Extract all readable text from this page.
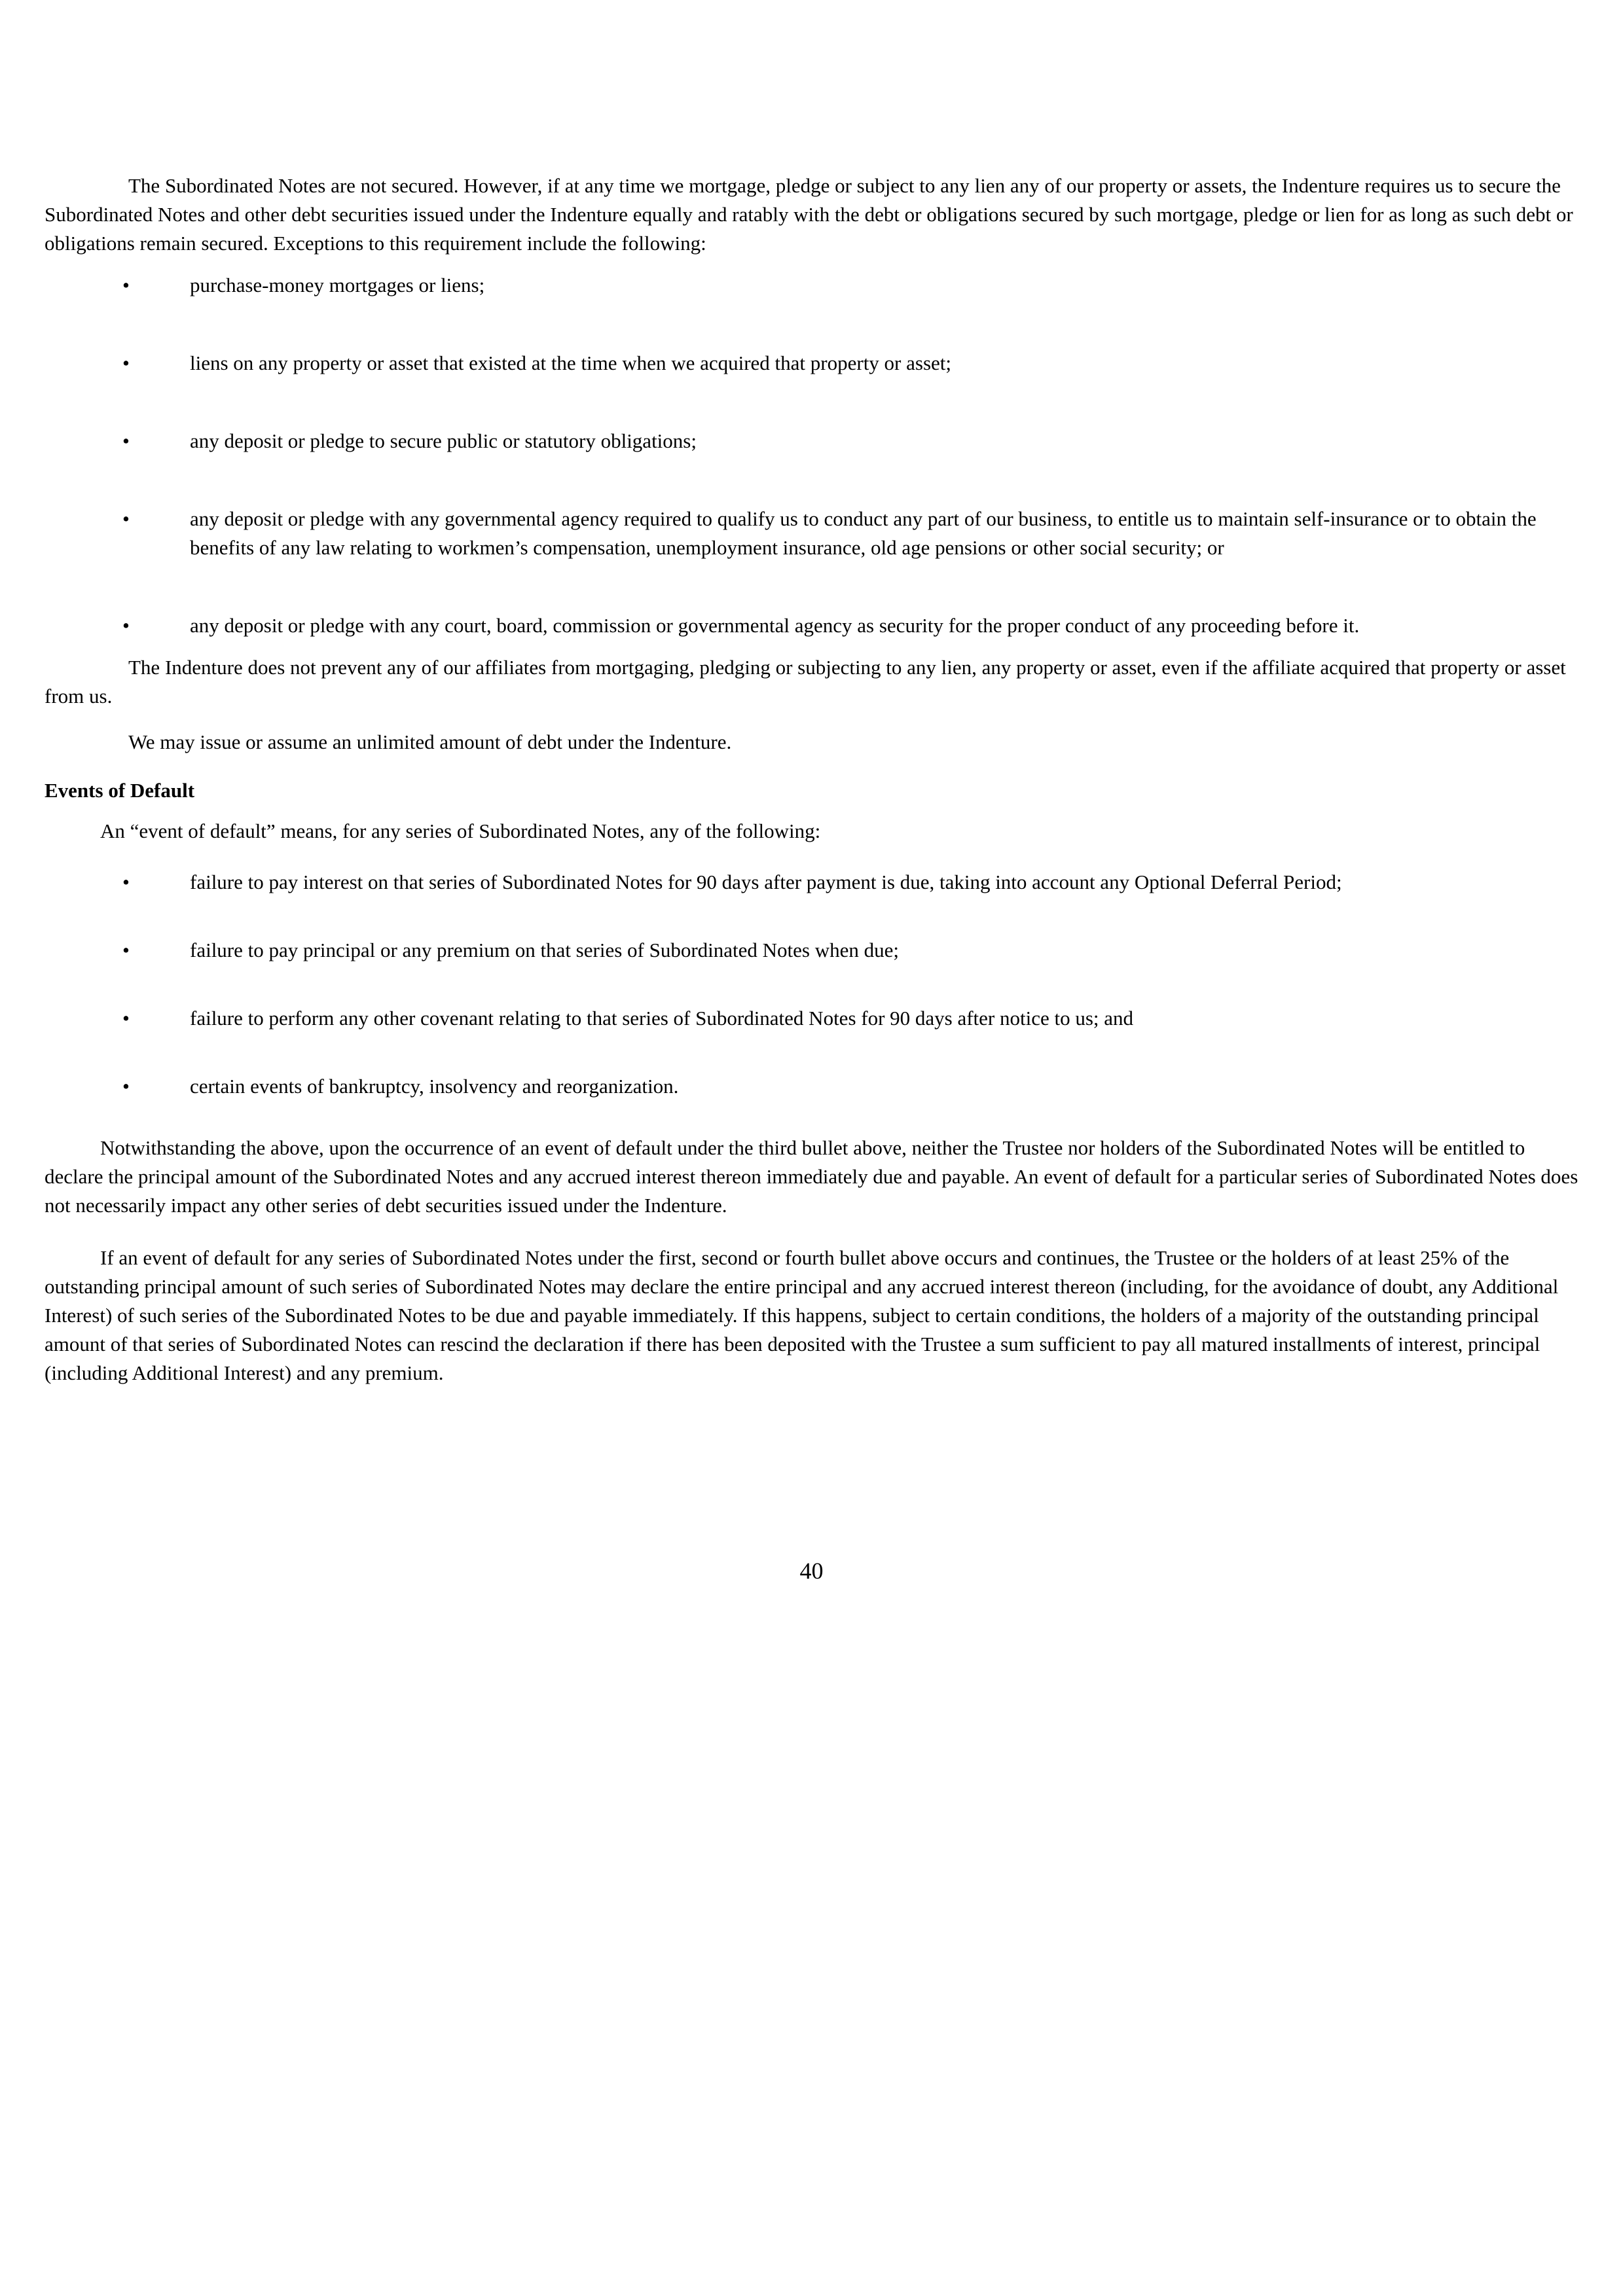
The Subordinated Notes are not secured. However, if at any time we mortgage, pledge or subject to any lien any of our property or assets, the Indenture requires us to secure the Subordinated Notes and other debt securities issued under the Indenture equally and ratably with the debt or obligations secured by such mortgage, pledge or lien for as long as such debt or obligations remain secured. Exceptions to this requirement include the following:

•	purchase-money mortgages or liens;
•	liens on any property or asset that existed at the time when we acquired that property or asset;
•	any deposit or pledge to secure public or statutory obligations;
•	any deposit or pledge with any governmental agency required to qualify us to conduct any part of our business, to entitle us to maintain self-insurance or to obtain the benefits of any law relating to workmen’s compensation, unemployment insurance, old age pensions or other social security; or
•	any deposit or pledge with any court, board, commission or governmental agency as security for the proper conduct of any proceeding before it.

The Indenture does not prevent any of our affiliates from mortgaging, pledging or subjecting to any lien, any property or asset, even if the affiliate acquired that property or asset from us.

We may issue or assume an unlimited amount of debt under the Indenture.

Events of Default

An “event of default” means, for any series of Subordinated Notes, any of the following:

•	failure to pay interest on that series of Subordinated Notes for 90 days after payment is due, taking into account any Optional Deferral Period;
•	failure to pay principal or any premium on that series of Subordinated Notes when due;
•	failure to perform any other covenant relating to that series of Subordinated Notes for 90 days after notice to us; and
•	certain events of bankruptcy, insolvency and reorganization.

Notwithstanding the above, upon the occurrence of an event of default under the third bullet above, neither the Trustee nor holders of the Subordinated Notes will be entitled to declare the principal amount of the Subordinated Notes and any accrued interest thereon immediately due and payable. An event of default for a particular series of Subordinated Notes does not necessarily impact any other series of debt securities issued under the Indenture.

If an event of default for any series of Subordinated Notes under the first, second or fourth bullet above occurs and continues, the Trustee or the holders of at least 25% of the outstanding principal amount of such series of Subordinated Notes may declare the entire principal and any accrued interest thereon (including, for the avoidance of doubt, any Additional Interest) of such series of the Subordinated Notes to be due and payable immediately. If this happens, subject to certain conditions, the holders of a majority of the outstanding principal amount of that series of Subordinated Notes can rescind the declaration if there has been deposited with the Trustee a sum sufficient to pay all matured installments of interest, principal (including Additional Interest) and any premium.

40
